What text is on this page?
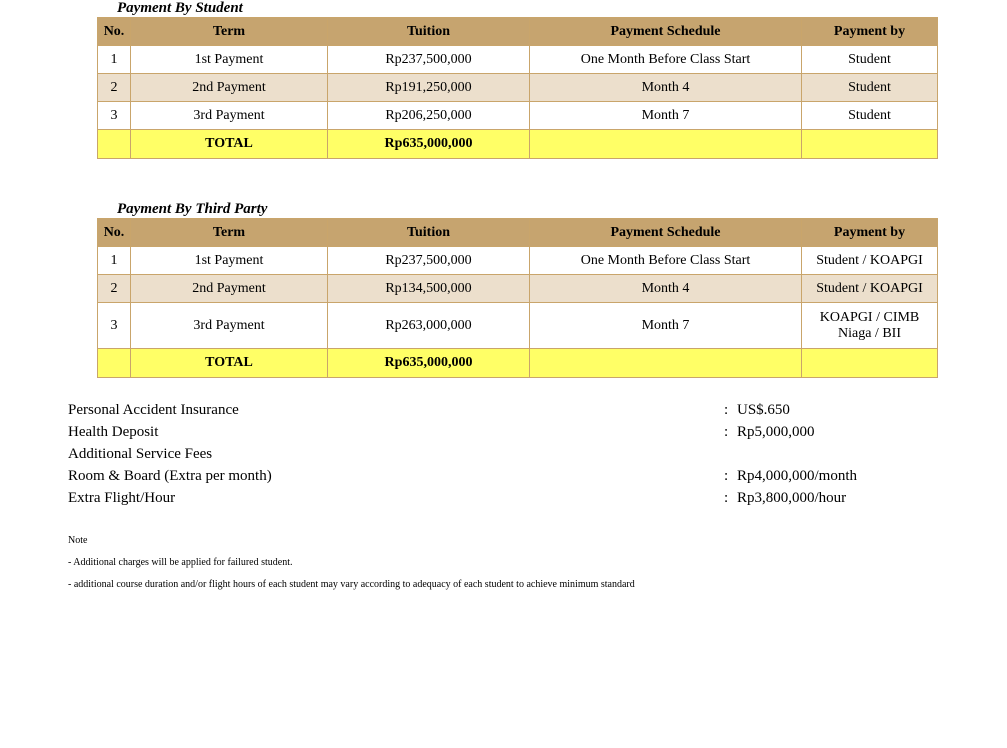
Payment By Student
No.	Term	Tuition	Payment Schedule	Payment by
1	1st Payment	Rp237,500,000	One Month Before Class Start	Student
2	2nd Payment	Rp191,250,000	Month 4	Student
3	3rd Payment	Rp206,250,000	Month 7	Student
	TOTAL	Rp635,000,000		
Payment By Third Party
No.	Term	Tuition	Payment Schedule	Payment by
1	1st Payment	Rp237,500,000	One Month Before Class Start	Student / KOAPGI
2	2nd Payment	Rp134,500,000	Month 4	Student / KOAPGI
3	3rd Payment	Rp263,000,000	Month 7	KOAPGI / CIMB
Niaga / BII

	TOTAL	Rp635,000,000		
Personal Accident Insurance	: US$.650
Health Deposit	: Rp5,000,000
Additional Service Fees
Room & Board (Extra per month)	: Rp4,000,000/month
Extra Flight/Hour	: Rp3,800,000/hour
Note
- Additional charges will be applied for failured student.
- additional course duration and/or flight hours of each student may vary according to adequacy of each student to achieve minimum standard
